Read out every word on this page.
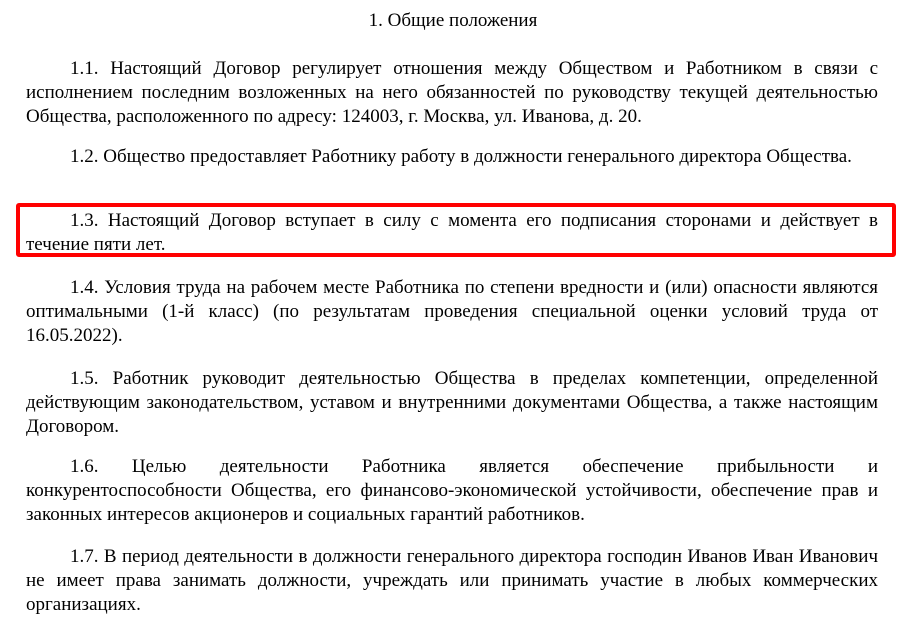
1. Общие положения

1.1. Настоящий Договор регулирует отношения между Обществом и Работником в связи с исполнением последним возложенных на него обязанностей по руководству текущей деятельностью Общества, расположенного по адресу: 124003, г. Москва, ул. Иванова, д. 20.

1.2. Общество предоставляет Работнику работу в должности генерального директора Общества.

1.3. Настоящий Договор вступает в силу с момента его подписания сторонами и действует в течение пяти лет.

1.4. Условия труда на рабочем месте Работника по степени вредности и (или) опасности являются оптимальными (1-й класс) (по результатам проведения специальной оценки условий труда от 16.05.2022).

1.5. Работник руководит деятельностью Общества в пределах компетенции, определенной действующим законодательством, уставом и внутренними документами Общества, а также настоящим Договором.

1.6. Целью деятельности Работника является обеспечение прибыльности и конкурентоспособности Общества, его финансово-экономической устойчивости, обеспечение прав и законных интересов акционеров и социальных гарантий работников.

1.7. В период деятельности в должности генерального директора господин Иванов Иван Иванович не имеет права занимать должности, учреждать или принимать участие в любых коммерческих организациях.
